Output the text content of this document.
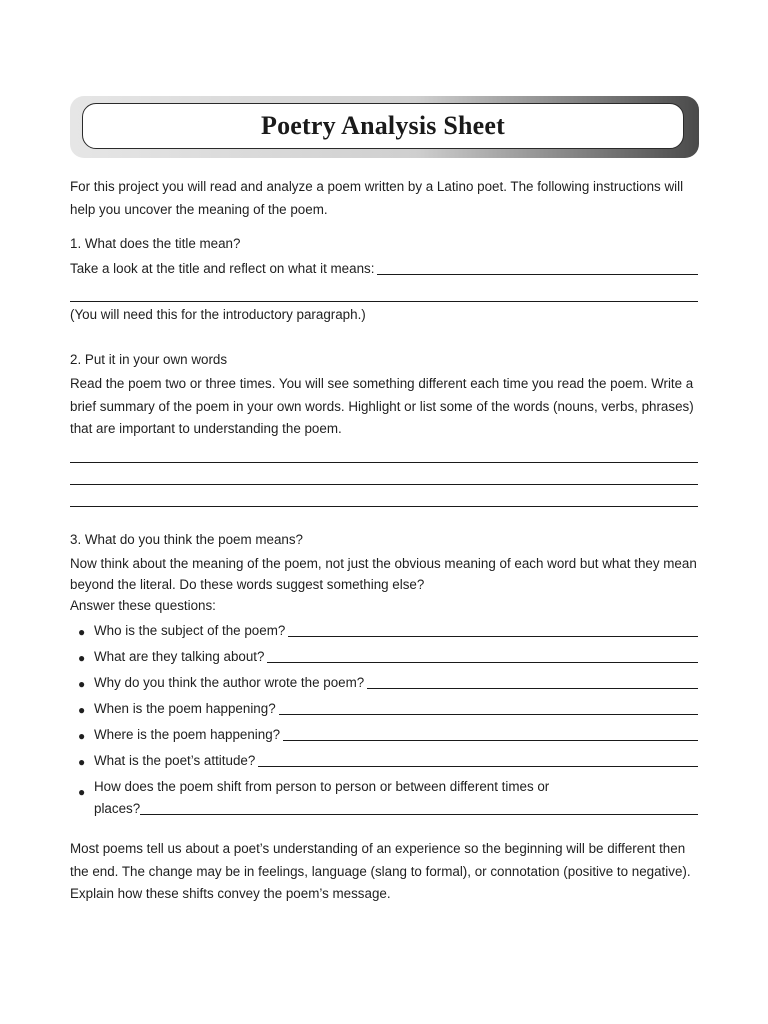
Poetry Analysis Sheet

For this project you will read and analyze a poem written by a Latino poet. The following instructions will help you uncover the meaning of the poem.

1. What does the title mean?

Take a look at the title and reflect on what it means:

(You will need this for the introductory paragraph.)

2. Put it in your own words

Read the poem two or three times. You will see something different each time you read the poem. Write a brief summary of the poem in your own words. Highlight or list some of the words (nouns, verbs, phrases) that are important to understanding the poem.

3. What do you think the poem means?

Now think about the meaning of the poem, not just the obvious meaning of each word but what they mean beyond the literal. Do these words suggest something else?

Answer these questions:

● Who is the subject of the poem?
● What are they talking about?
● Why do you think the author wrote the poem?
● When is the poem happening?
● Where is the poem happening?
● What is the poet’s attitude?
● How does the poem shift from person to person or between different times or
places?

Most poems tell us about a poet’s understanding of an experience so the beginning will be different then the end. The change may be in feelings, language (slang to formal), or connotation (positive to negative). Explain how these shifts convey the poem’s message.
